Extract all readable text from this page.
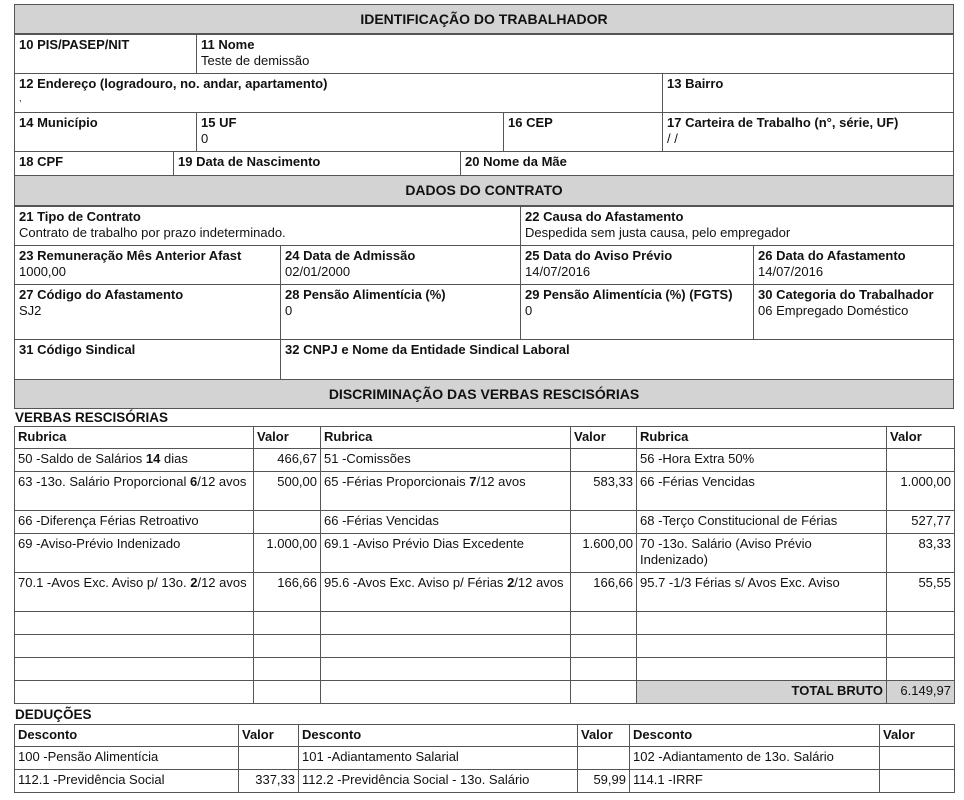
IDENTIFICAÇÃO DO TRABALHADOR
10 PIS/PASEP/NIT	11 Nome
Teste de demissão
12 Endereço (logradouro, no. andar, apartamento)
,
13 Bairro
14 Município	15 UF
0
16 CEP	17 Carteira de Trabalho (n°, série, UF)
/ /
18 CPF	19 Data de Nascimento	20 Nome da Mãe
DADOS DO CONTRATO
21 Tipo de Contrato
Contrato de trabalho por prazo indeterminado.
22 Causa do Afastamento
Despedida sem justa causa, pelo empregador
23 Remuneração Mês Anterior Afast
1000,00
24 Data de Admissão
02/01/2000
25 Data do Aviso Prévio
14/07/2016
26 Data do Afastamento
14/07/2016
27 Código do Afastamento
SJ2
28 Pensão Alimentícia (%)
0
29 Pensão Alimentícia (%) (FGTS)
0
30 Categoria do Trabalhador
06 Empregado Doméstico
31 Código Sindical	32 CNPJ e Nome da Entidade Sindical Laboral
DISCRIMINAÇÃO DAS VERBAS RESCISÓRIAS
VERBAS RESCISÓRIAS
Rubrica	Valor	Rubrica	Valor	Rubrica	Valor
50 -Saldo de Salários 14 dias	466,67	51 -Comissões		56 -Hora Extra 50%	
63 -13o. Salário Proporcional 6/12 avos	500,00	65 -Férias Proporcionais 7/12 avos	583,33	66 -Férias Vencidas	1.000,00
66 -Diferença Férias Retroativo		66 -Férias Vencidas		68 -Terço Constitucional de Férias	527,77
69 -Aviso-Prévio Indenizado	1.000,00	69.1 -Aviso Prévio Dias Excedente	1.600,00	70 -13o. Salário (Aviso Prévio Indenizado)	83,33
70.1 -Avos Exc. Aviso p/ 13o. 2/12 avos	166,66	95.6 -Avos Exc. Aviso p/ Férias 2/12 avos	166,66	95.7 -1/3 Férias s/ Avos Exc. Aviso	55,55

				TOTAL BRUTO	6.149,97
DEDUÇÕES
Desconto	Valor	Desconto	Valor	Desconto	Valor
100 -Pensão Alimentícia		101 -Adiantamento Salarial		102 -Adiantamento de 13o. Salário	
112.1 -Previdência Social	337,33	112.2 -Previdência Social - 13o. Salário	59,99	114.1 -IRRF	
